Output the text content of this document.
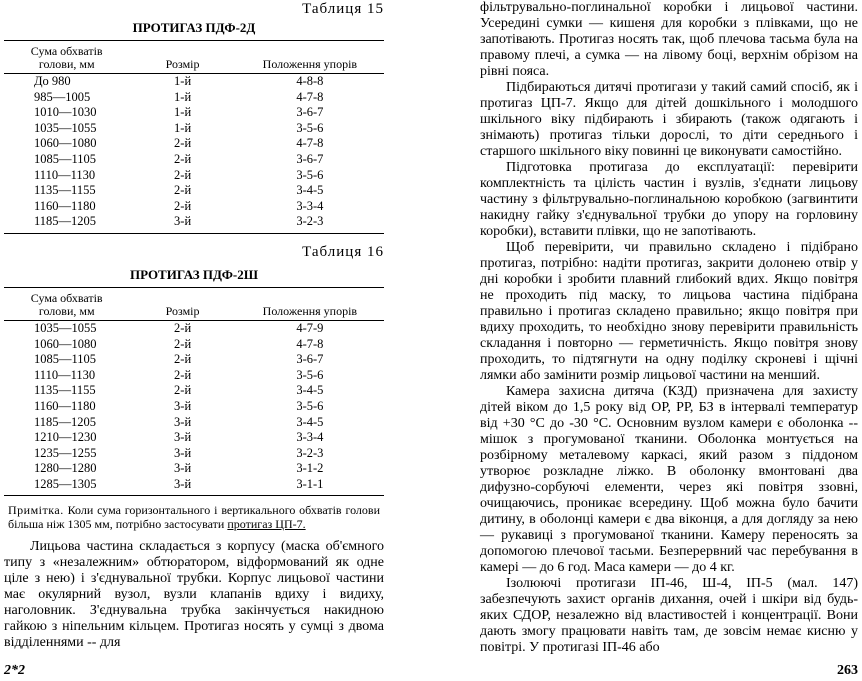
Таблиця 15
ПРОТИГАЗ ПДФ-2Д
Сума обхватів
голови, мм	Розмір	Положення упорів
До 980	1-й	4-8-8
985—1005	1-й	4-7-8
1010—1030	1-й	3-6-7
1035—1055	1-й	3-5-6
1060—1080	2-й	4-7-8
1085—1105	2-й	3-6-7
1110—1130	2-й	3-5-6
1135—1155	2-й	3-4-5
1160—1180	2-й	3-3-4
1185—1205	3-й	3-2-3
Таблиця 16
ПРОТИГАЗ ПДФ-2Ш
Сума обхватів
голови, мм	Розмір	Положення упорів
1035—1055	2-й	4-7-9
1060—1080	2-й	4-7-8
1085—1105	2-й	3-6-7
1110—1130	2-й	3-5-6
1135—1155	2-й	3-4-5
1160—1180	3-й	3-5-6
1185—1205	3-й	3-4-5
1210—1230	3-й	3-3-4
1235—1255	3-й	3-2-3
1280—1280	3-й	3-1-2
1285—1305	3-й	3-1-1
Примітка. Коли сума горизонтального і вертикального обхватів голови більша ніж 1305 мм, потрібно застосувати протигаз ЦП-7.

Лицьова частина складається з корпусу (маска об'ємного типу з «незалежним» обтюратором, відформований як одне ціле з нею) і з'єднувальної трубки. Корпус лицьової частини має окулярний вузол, вузли клапанів вдиху і видиху, наголовник. З'єднувальна трубка закінчується накидною гайкою з ніпельним кільцем. Протигаз носять у сумці з двома відділеннями -- для

фільтрувально-поглинальної коробки і лицьової частини. Усередині сумки — кишеня для коробки з плівками, що не запотівають. Протигаз носять так, щоб плечова тасьма була на правому плечі, а сумка — на лівому боці, верхнім обрізом на рівні пояса.

Підбираються дитячі протигази у такий самий спосіб, як і протигаз ЦП-7. Якщо для дітей дошкільного і молодшого шкільного віку підбирають і збирають (також одягають і знімають) протигаз тільки дорослі, то діти середнього і старшого шкільного віку повинні це виконувати самостійно.

Підготовка протигаза до експлуатації: перевірити комплектність та цілість частин і вузлів, з'єднати лицьову частину з фільтрувально-поглинальною коробкою (загвинтити накидну гайку з'єднувальної трубки до упору на горловину коробки), вставити плівки, що не запотівають.

Щоб перевірити, чи правильно складено і підібрано протигаз, потрібно: надіти протигаз, закрити долонею отвір у дні коробки і зробити плавний глибокий вдих. Якщо повітря не проходить під маску, то лицьова частина підібрана правильно і протигаз складено правильно; якщо повітря при вдиху проходить, то необхідно знову перевірити правильність складання і повторно — герметичність. Якщо повітря знову проходить, то підтягнути на одну поділку скроневі і щічні лямки або замінити розмір лицьової частини на менший.

Камера захисна дитяча (КЗД) призначена для захисту дітей віком до 1,5 року від ОР, РР, БЗ в інтервалі температур від +30 °С до -30 °С. Основним вузлом камери є оболонка -- мішок з прогумованої тканини. Оболонка монтується на розбірному металевому каркасі, який разом з піддоном утворює розкладне ліжко. В оболонку вмонтовані два дифузно-сорбуючі елементи, через які повітря ззовні, очищаючись, проникає всередину. Щоб можна було бачити дитину, в оболонці камери є два віконця, а для догляду за нею — рукавиці з прогумованої тканини. Камеру переносять за допомогою плечової тасьми. Безперервний час перебування в камері — до 6 год. Маса камери — до 4 кг.

Ізолюючі протигази ІП-46, Ш-4, ІП-5 (мал. 147) забезпечують захист органів дихання, очей і шкіри від будь-яких СДОР, незалежно від властивостей і концентрації. Вони дають змогу працювати навіть там, де зовсім немає кисню у повітрі. У протигазі ІП-46 або

2*2	263
